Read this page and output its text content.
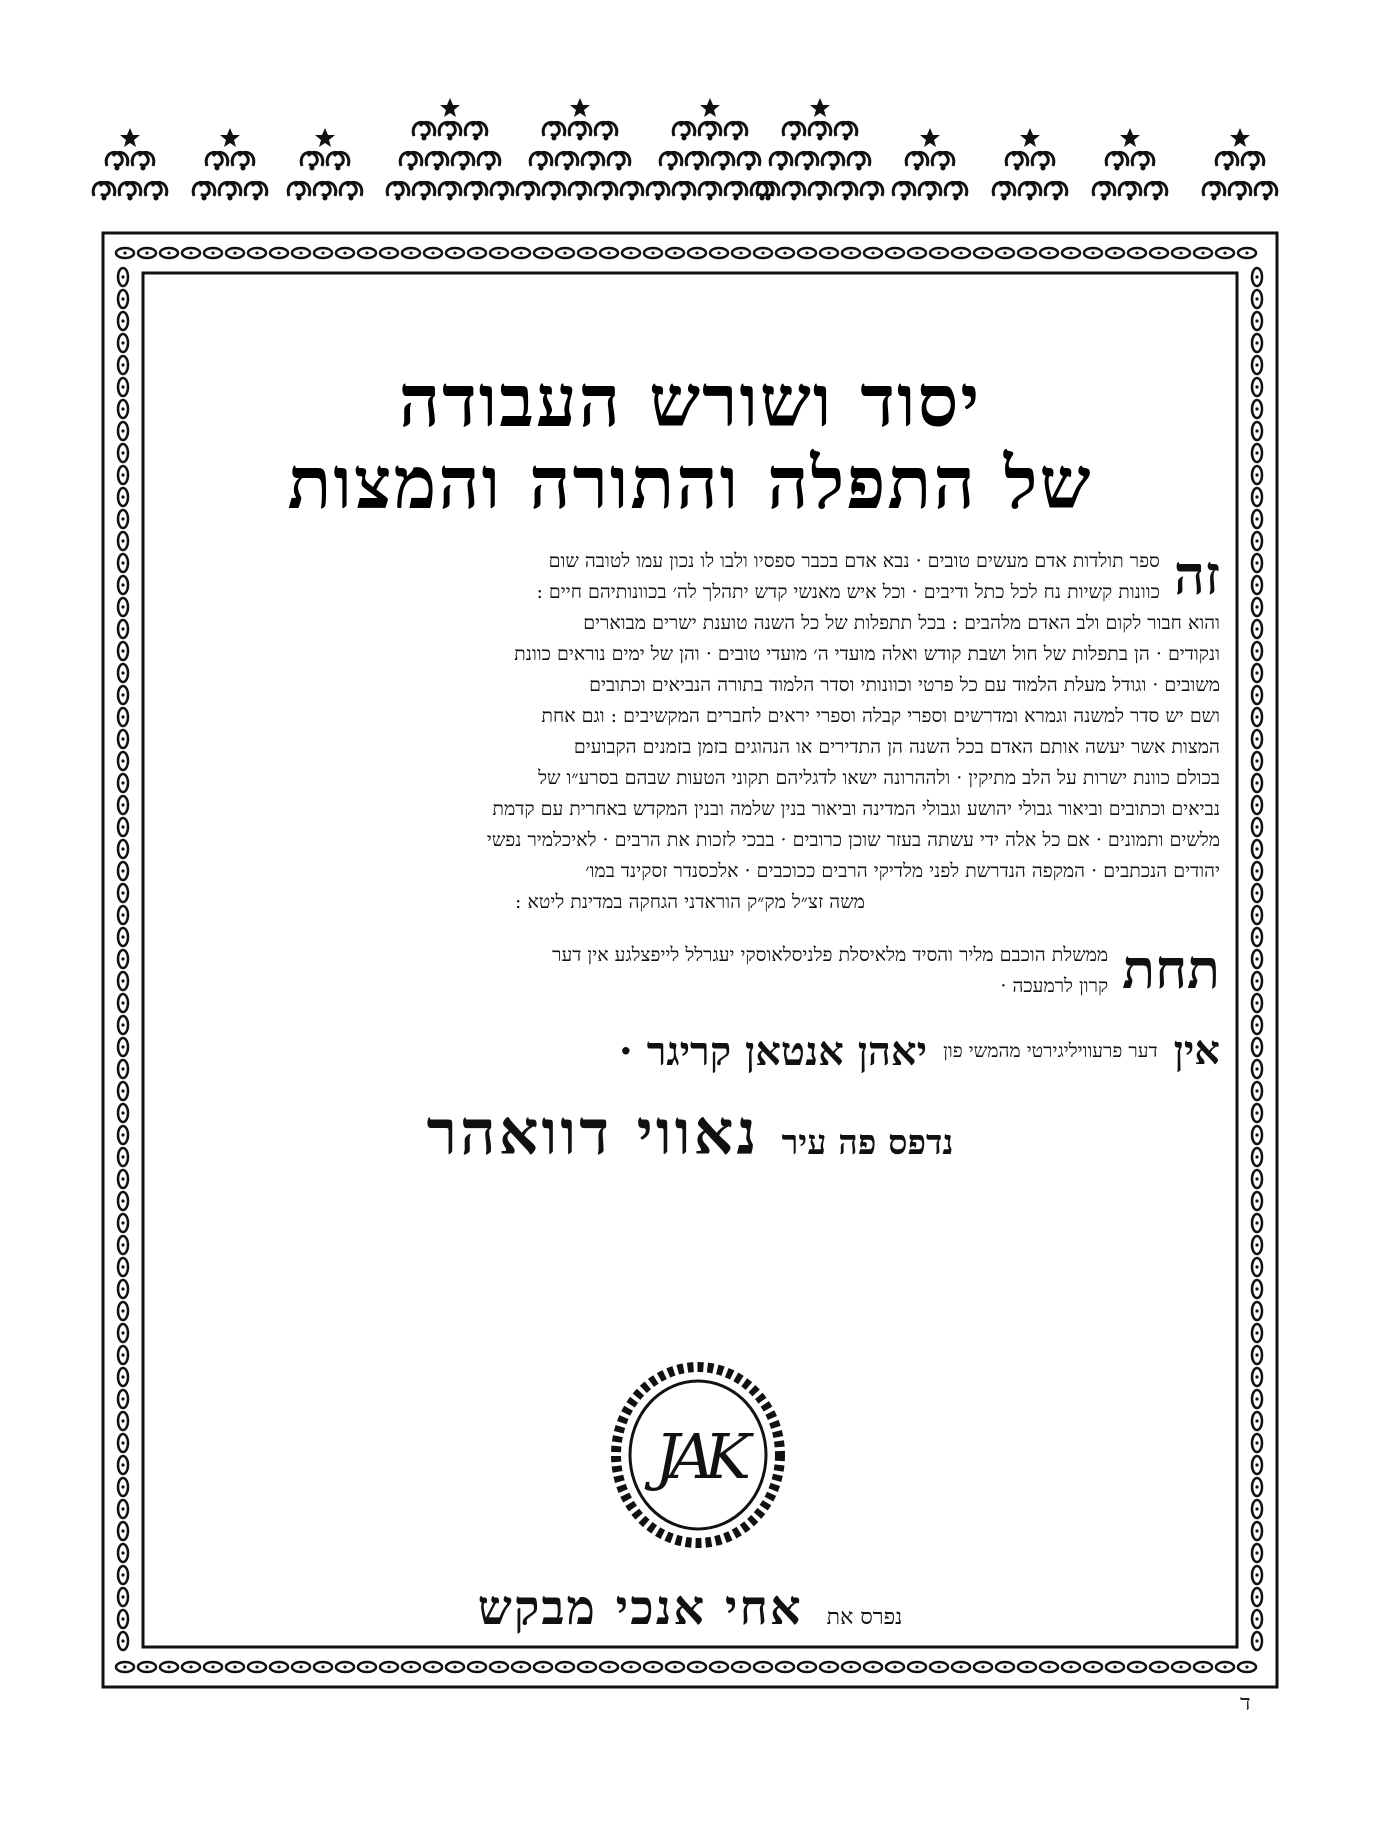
יסוד ושורש העבודה
של התפלה והתורה והמצות
זה

ספר תולדות אדם מעשים טובים · נבא אדם בכבר ספסיו ולבו לו נכון עמו לטובה שום

כוונות קשיות נח לכל כתל ודיבים · וכל איש מאנשי קדש יתהלך לה׳ בכוונותיהם חיים :

והוא חבור לקום ולב האדם מלהבים : בכל תתפלות של כל השנה טוענת ישרים מבוארים

ונקודים · הן בתפלות של חול ושבת קודש ואלה מועדי ה׳ מועדי טובים · והן של ימים נוראים כוונת

משובים · וגודל מעלת הלמוד עם כל פרטי וכוונותי וסדר הלמוד בתורה הנביאים וכתובים

ושם יש סדר למשנה וגמרא ומדרשים וספרי קבלה וספרי יראים לחברים המקשיבים : וגם אחת

המצות אשר יעשה אותם האדם בכל השנה הן התדירים או הנהוגים בזמן בזמנים הקבועים

בכולם כוונת ישרות על הלב מתיקין · ולההרונה ישאו לדגליהם תקוני הטעות שבהם בסרע״ו של

נביאים וכתובים וביאור גבולי יהושע וגבולי המדינה וביאור בנין שלמה ובנין המקדש באחרית עם קדמת

מלשים ותמונים · אם כל אלה ידי עשתה בעזר שוכן כרובים · בבכי לזכות את הרבים · לאיכלמיר נפשי

יהודים הנכתבים · המקפה הנדרשת לפני מלדיקי הרבים ככוכבים · אלכסנדר זסקינד במו׳

משה זצ״ל מק״ק הוראדני הגחקה במדינת ליטא :

תחת

ממשלת הוכבם מליר והסיד מלאיסלת פלניסלאוסקי יעגרלל לייפצלגע אין דער

קרון לרמעכה ·

אין
דער פרעוויליגירטי מהמשי פון
יאהן אנטאן קריגר ·
נדפס פה עיר
נאווי דוואהר
JAK
נפרס את
אחי אנכי מבקש
ד
